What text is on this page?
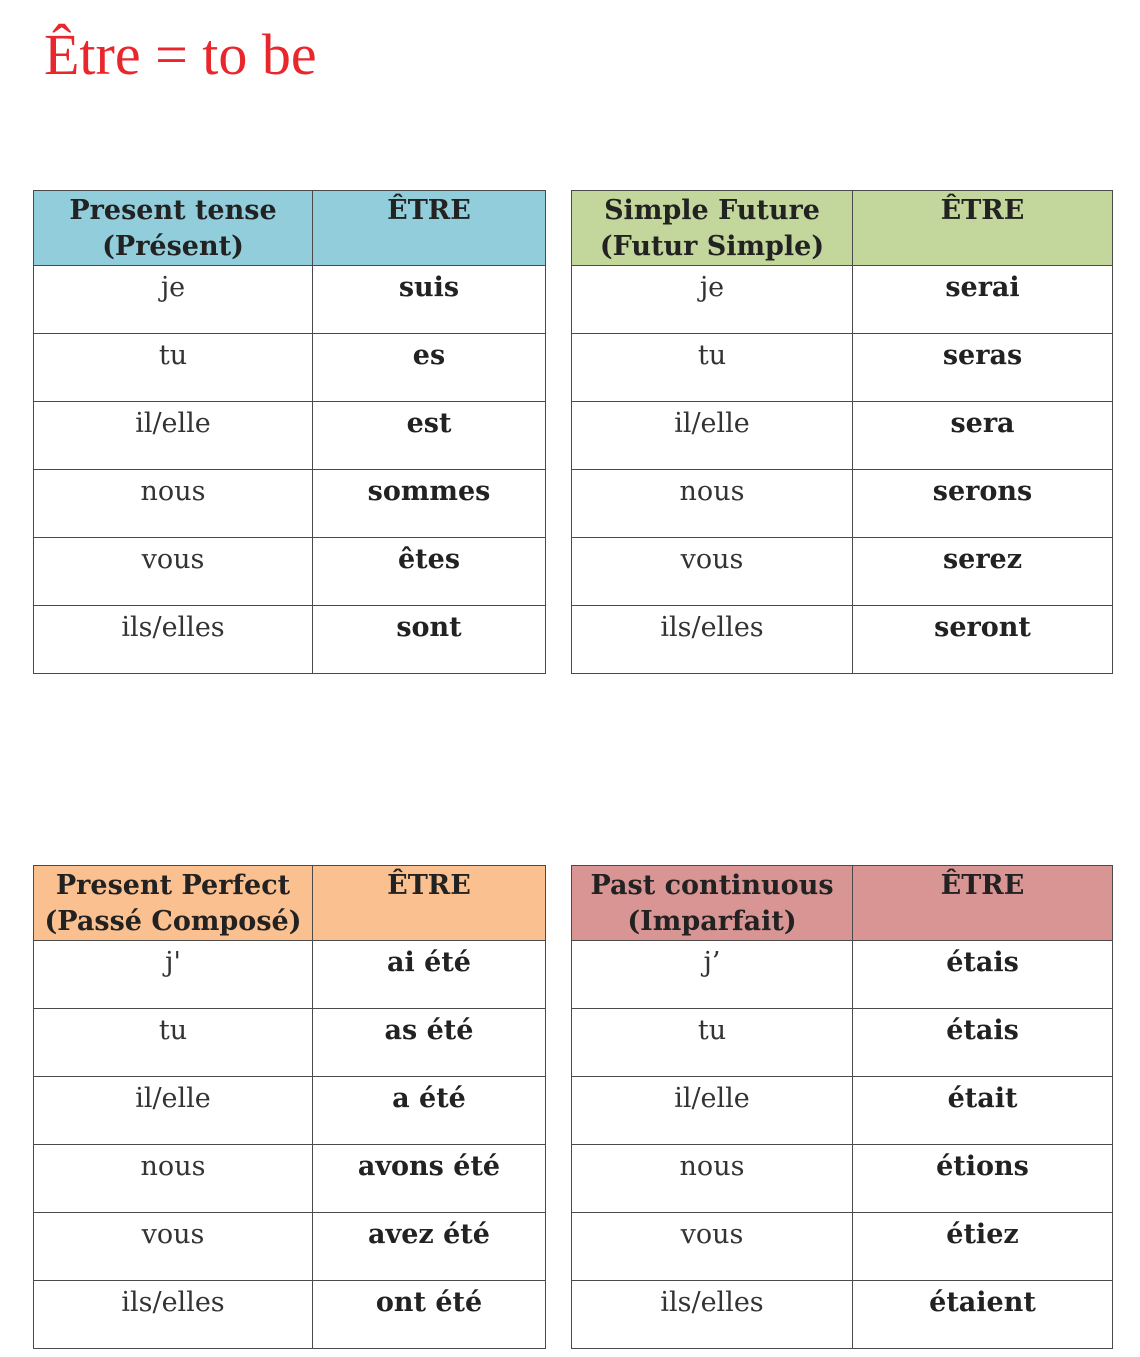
Être = to be
Present tense
(Présent)	ÊTRE
je	suis
tu	es
il/elle	est
nous	sommes
vous	êtes
ils/elles	sont
Simple Future
(Futur Simple)	ÊTRE
je	serai
tu	seras
il/elle	sera
nous	serons
vous	serez
ils/elles	seront
Present Perfect
(Passé Composé)	ÊTRE
j'	ai été
tu	as été
il/elle	a été
nous	avons été
vous	avez été
ils/elles	ont été
Past continuous
(Imparfait)	ÊTRE
j’	étais
tu	étais
il/elle	était
nous	étions
vous	étiez
ils/elles	étaient
